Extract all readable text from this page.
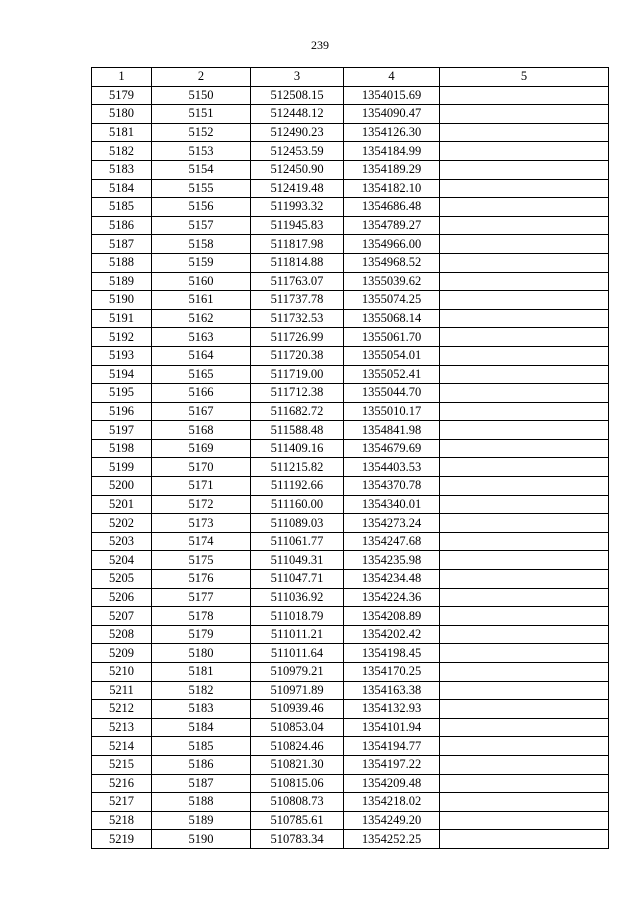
239
1	2	3	4	5
5179	5150	512508.15	1354015.69	
5180	5151	512448.12	1354090.47	
5181	5152	512490.23	1354126.30	
5182	5153	512453.59	1354184.99	
5183	5154	512450.90	1354189.29	
5184	5155	512419.48	1354182.10	
5185	5156	511993.32	1354686.48	
5186	5157	511945.83	1354789.27	
5187	5158	511817.98	1354966.00	
5188	5159	511814.88	1354968.52	
5189	5160	511763.07	1355039.62	
5190	5161	511737.78	1355074.25	
5191	5162	511732.53	1355068.14	
5192	5163	511726.99	1355061.70	
5193	5164	511720.38	1355054.01	
5194	5165	511719.00	1355052.41	
5195	5166	511712.38	1355044.70	
5196	5167	511682.72	1355010.17	
5197	5168	511588.48	1354841.98	
5198	5169	511409.16	1354679.69	
5199	5170	511215.82	1354403.53	
5200	5171	511192.66	1354370.78	
5201	5172	511160.00	1354340.01	
5202	5173	511089.03	1354273.24	
5203	5174	511061.77	1354247.68	
5204	5175	511049.31	1354235.98	
5205	5176	511047.71	1354234.48	
5206	5177	511036.92	1354224.36	
5207	5178	511018.79	1354208.89	
5208	5179	511011.21	1354202.42	
5209	5180	511011.64	1354198.45	
5210	5181	510979.21	1354170.25	
5211	5182	510971.89	1354163.38	
5212	5183	510939.46	1354132.93	
5213	5184	510853.04	1354101.94	
5214	5185	510824.46	1354194.77	
5215	5186	510821.30	1354197.22	
5216	5187	510815.06	1354209.48	
5217	5188	510808.73	1354218.02	
5218	5189	510785.61	1354249.20	
5219	5190	510783.34	1354252.25	
